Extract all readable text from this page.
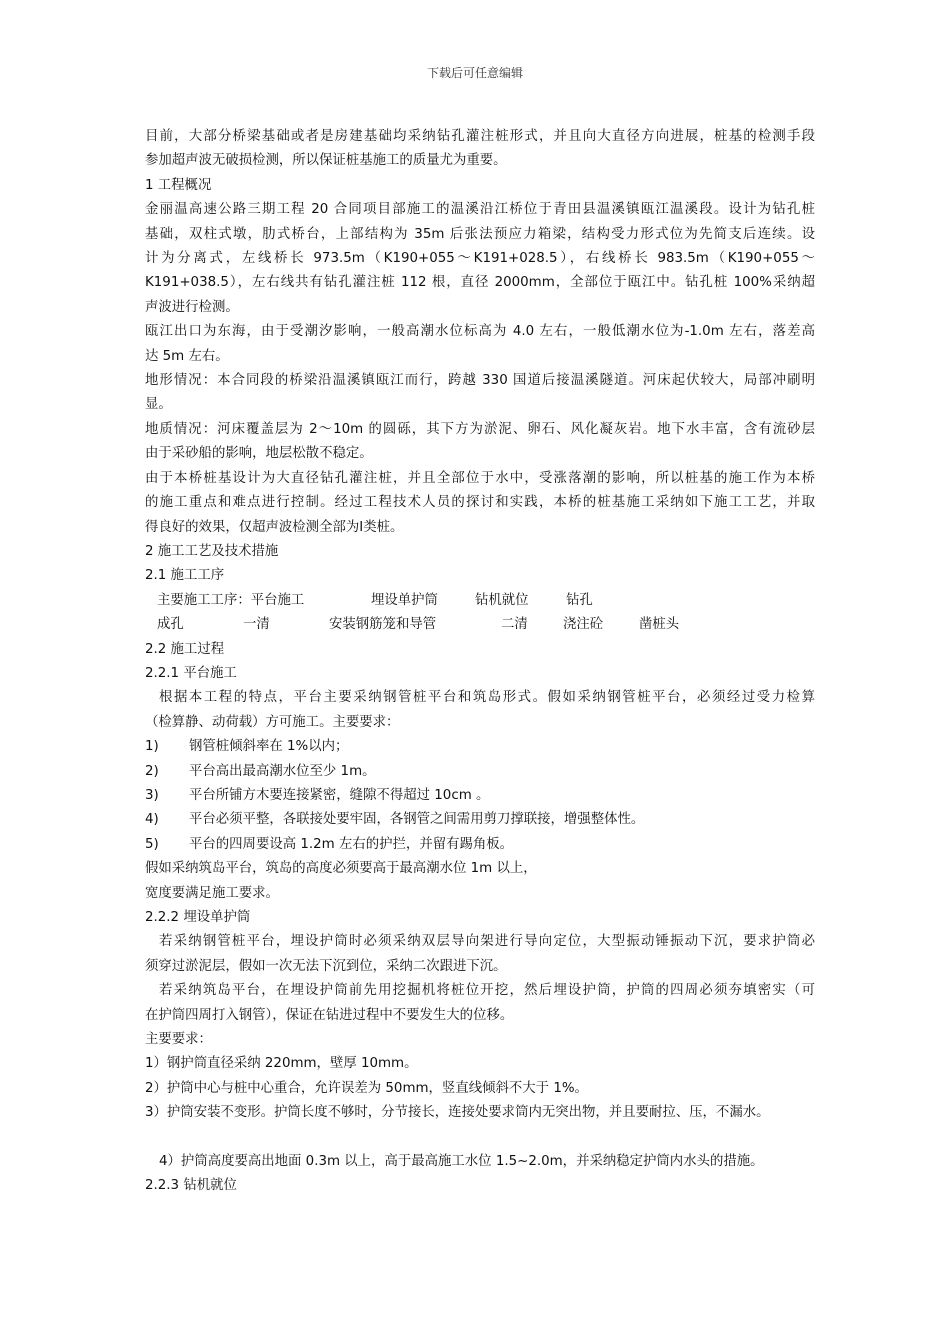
下载后可任意编辑

目前，大部分桥梁基础或者是房建基础均采纳钻孔灌注桩形式，并且向大直径方向进展，桩基的检测手段

参加超声波无破损检测，所以保证桩基施工的质量尤为重要。

1 工程概况

金丽温高速公路三期工程 20 合同项目部施工的温溪沿江桥位于青田县温溪镇瓯江温溪段。设计为钻孔桩

基础，双柱式墩，肋式桥台，上部结构为 35m 后张法预应力箱梁，结构受力形式位为先简支后连续。设

计为分离式，左线桥长 973.5m（K190+055～K191+028.5），右线桥长 983.5m（K190+055～

K191+038.5），左右线共有钻孔灌注桩 112 根，直径 2000mm，全部位于瓯江中。钻孔桩 100%采纳超

声波进行检测。

瓯江出口为东海，由于受潮汐影响，一般高潮水位标高为 4.0 左右，一般低潮水位为-1.0m 左右，落差高

达 5m 左右。

地形情况：本合同段的桥梁沿温溪镇瓯江而行，跨越 330 国道后接温溪隧道。河床起伏较大，局部冲刷明

显。

地质情况：河床覆盖层为 2～10m 的圆砾，其下方为淤泥、卵石、风化凝灰岩。地下水丰富，含有流砂层

由于采砂船的影响，地层松散不稳定。

由于本桥桩基设计为大直径钻孔灌注桩，并且全部位于水中，受涨落潮的影响，所以桩基的施工作为本桥

的施工重点和难点进行控制。经过工程技术人员的探讨和实践，本桥的桩基施工采纳如下施工工艺，并取

得良好的效果，仅超声波检测全部为Ⅰ类桩。

2 施工工艺及技术措施

2.1 施工工序

主要施工工序：平台施工	埋设单护筒	钻机就位	钻孔

成孔	一清	安装钢筋笼和导管	二清	浇注砼	凿桩头

2.2 施工过程

2.2.1 平台施工

根据本工程的特点，平台主要采纳钢管桩平台和筑岛形式。假如采纳钢管桩平台，必须经过受力检算

（检算静、动荷载）方可施工。主要要求：

1)	钢管桩倾斜率在 1%以内；

2)	平台高出最高潮水位至少 1m。

3)	平台所铺方木要连接紧密，缝隙不得超过 10cm 。

4)	平台必须平整，各联接处要牢固，各钢管之间需用剪刀撑联接，增强整体性。

5)	平台的四周要设高 1.2m 左右的护拦，并留有踢角板。

假如采纳筑岛平台，筑岛的高度必须要高于最高潮水位 1m 以上，

宽度要满足施工要求。

2.2.2 埋设单护筒

若采纳钢管桩平台，埋设护筒时必须采纳双层导向架进行导向定位，大型振动锤振动下沉，要求护筒必

须穿过淤泥层，假如一次无法下沉到位，采纳二次跟进下沉。

若采纳筑岛平台，在埋设护筒前先用挖掘机将桩位开挖，然后埋设护筒，护筒的四周必须夯填密实（可

在护筒四周打入钢管），保证在钻进过程中不要发生大的位移。

主要要求：

1）钢护筒直径采纳 220mm，壁厚 10mm。

2）护筒中心与桩中心重合，允许误差为 50mm，竖直线倾斜不大于 1%。

3）护筒安装不变形。护筒长度不够时，分节接长，连接处要求筒内无突出物，并且要耐拉、压，不漏水。

4）护筒高度要高出地面 0.3m 以上，高于最高施工水位 1.5~2.0m，并采纳稳定护筒内水头的措施。

2.2.3 钻机就位
